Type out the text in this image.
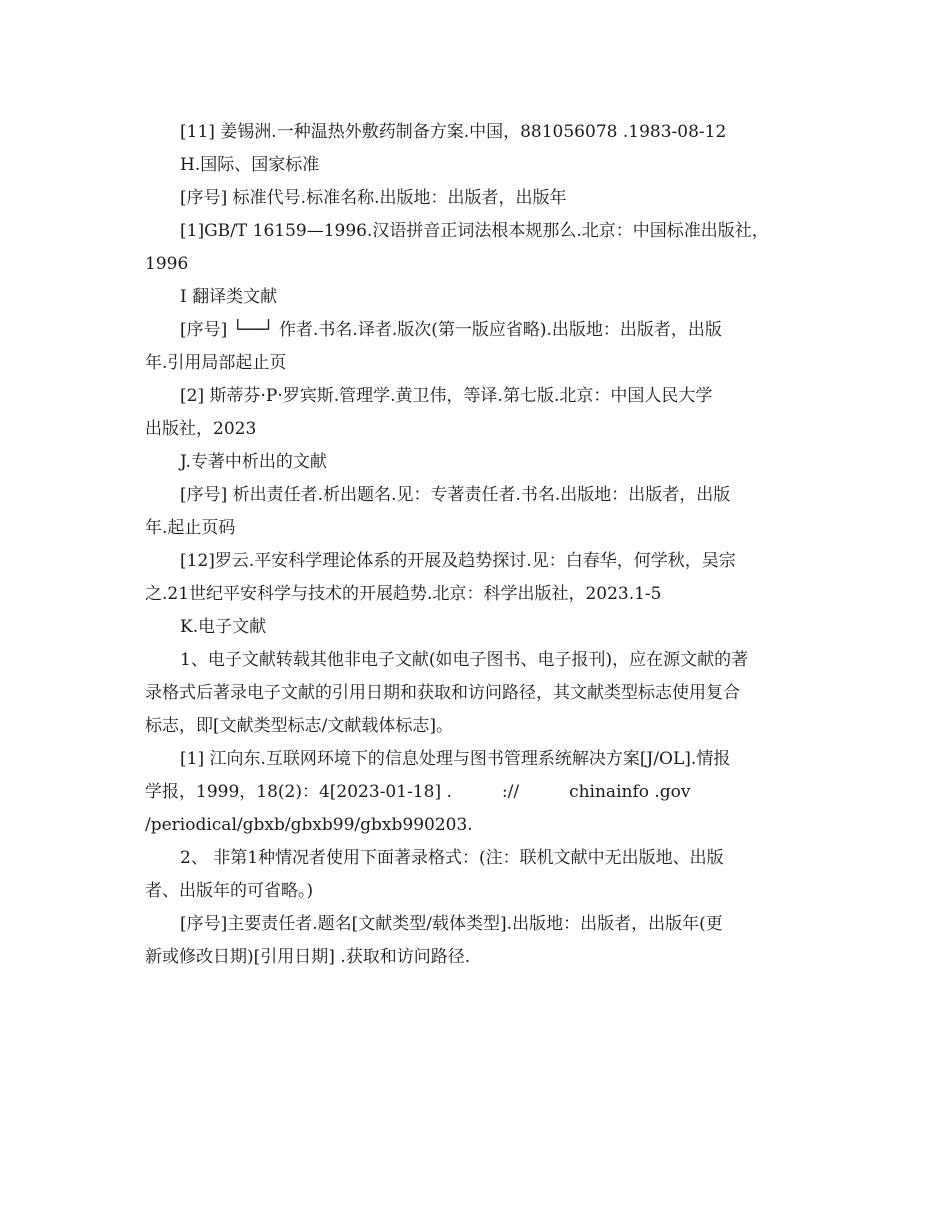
[11] 姜锡洲.一种温热外敷药制备方案.中国，881056078 .1983-08-12
H.国际、国家标准
[序号] 标准代号.标准名称.出版地：出版者，出版年
[1]GB/T 16159—1996.汉语拼音正词法根本规那么.北京：中国标准出版社，
1996
I 翻译类文献
[序号] └──┘ 作者.书名.译者.版次(第一版应省略).出版地：出版者，出版
年.引用局部起止页
[2] 斯蒂芬·P·罗宾斯.管理学.黄卫伟，等译.第七版.北京：中国人民大学
出版社，2023
J.专著中析出的文献
[序号] 析出责任者.析出题名.见：专著责任者.书名.出版地：出版者，出版
年.起止页码
[12]罗云.平安科学理论体系的开展及趋势探讨.见：白春华，何学秋，吴宗
之.21世纪平安科学与技术的开展趋势.北京：科学出版社，2023.1-5
K.电子文献
1、电子文献转载其他非电子文献(如电子图书、电子报刊)，应在源文献的著
录格式后著录电子文献的引用日期和获取和访问路径，其文献类型标志使用复合
标志，即[文献类型标志/文献载体标志]。
[1] 江向东.互联网环境下的信息处理与图书管理系统解决方案[J/OL].情报
学报，1999，18(2)：4[2023-01-18] .	://	chinainfo .gov
/periodical/gbxb/gbxb99/gbxb990203.
2、 非第1种情况者使用下面著录格式：(注：联机文献中无出版地、出版
者、出版年的可省略。)
[序号]主要责任者.题名[文献类型/载体类型].出版地：出版者，出版年(更
新或修改日期)[引用日期] .获取和访问路径.
